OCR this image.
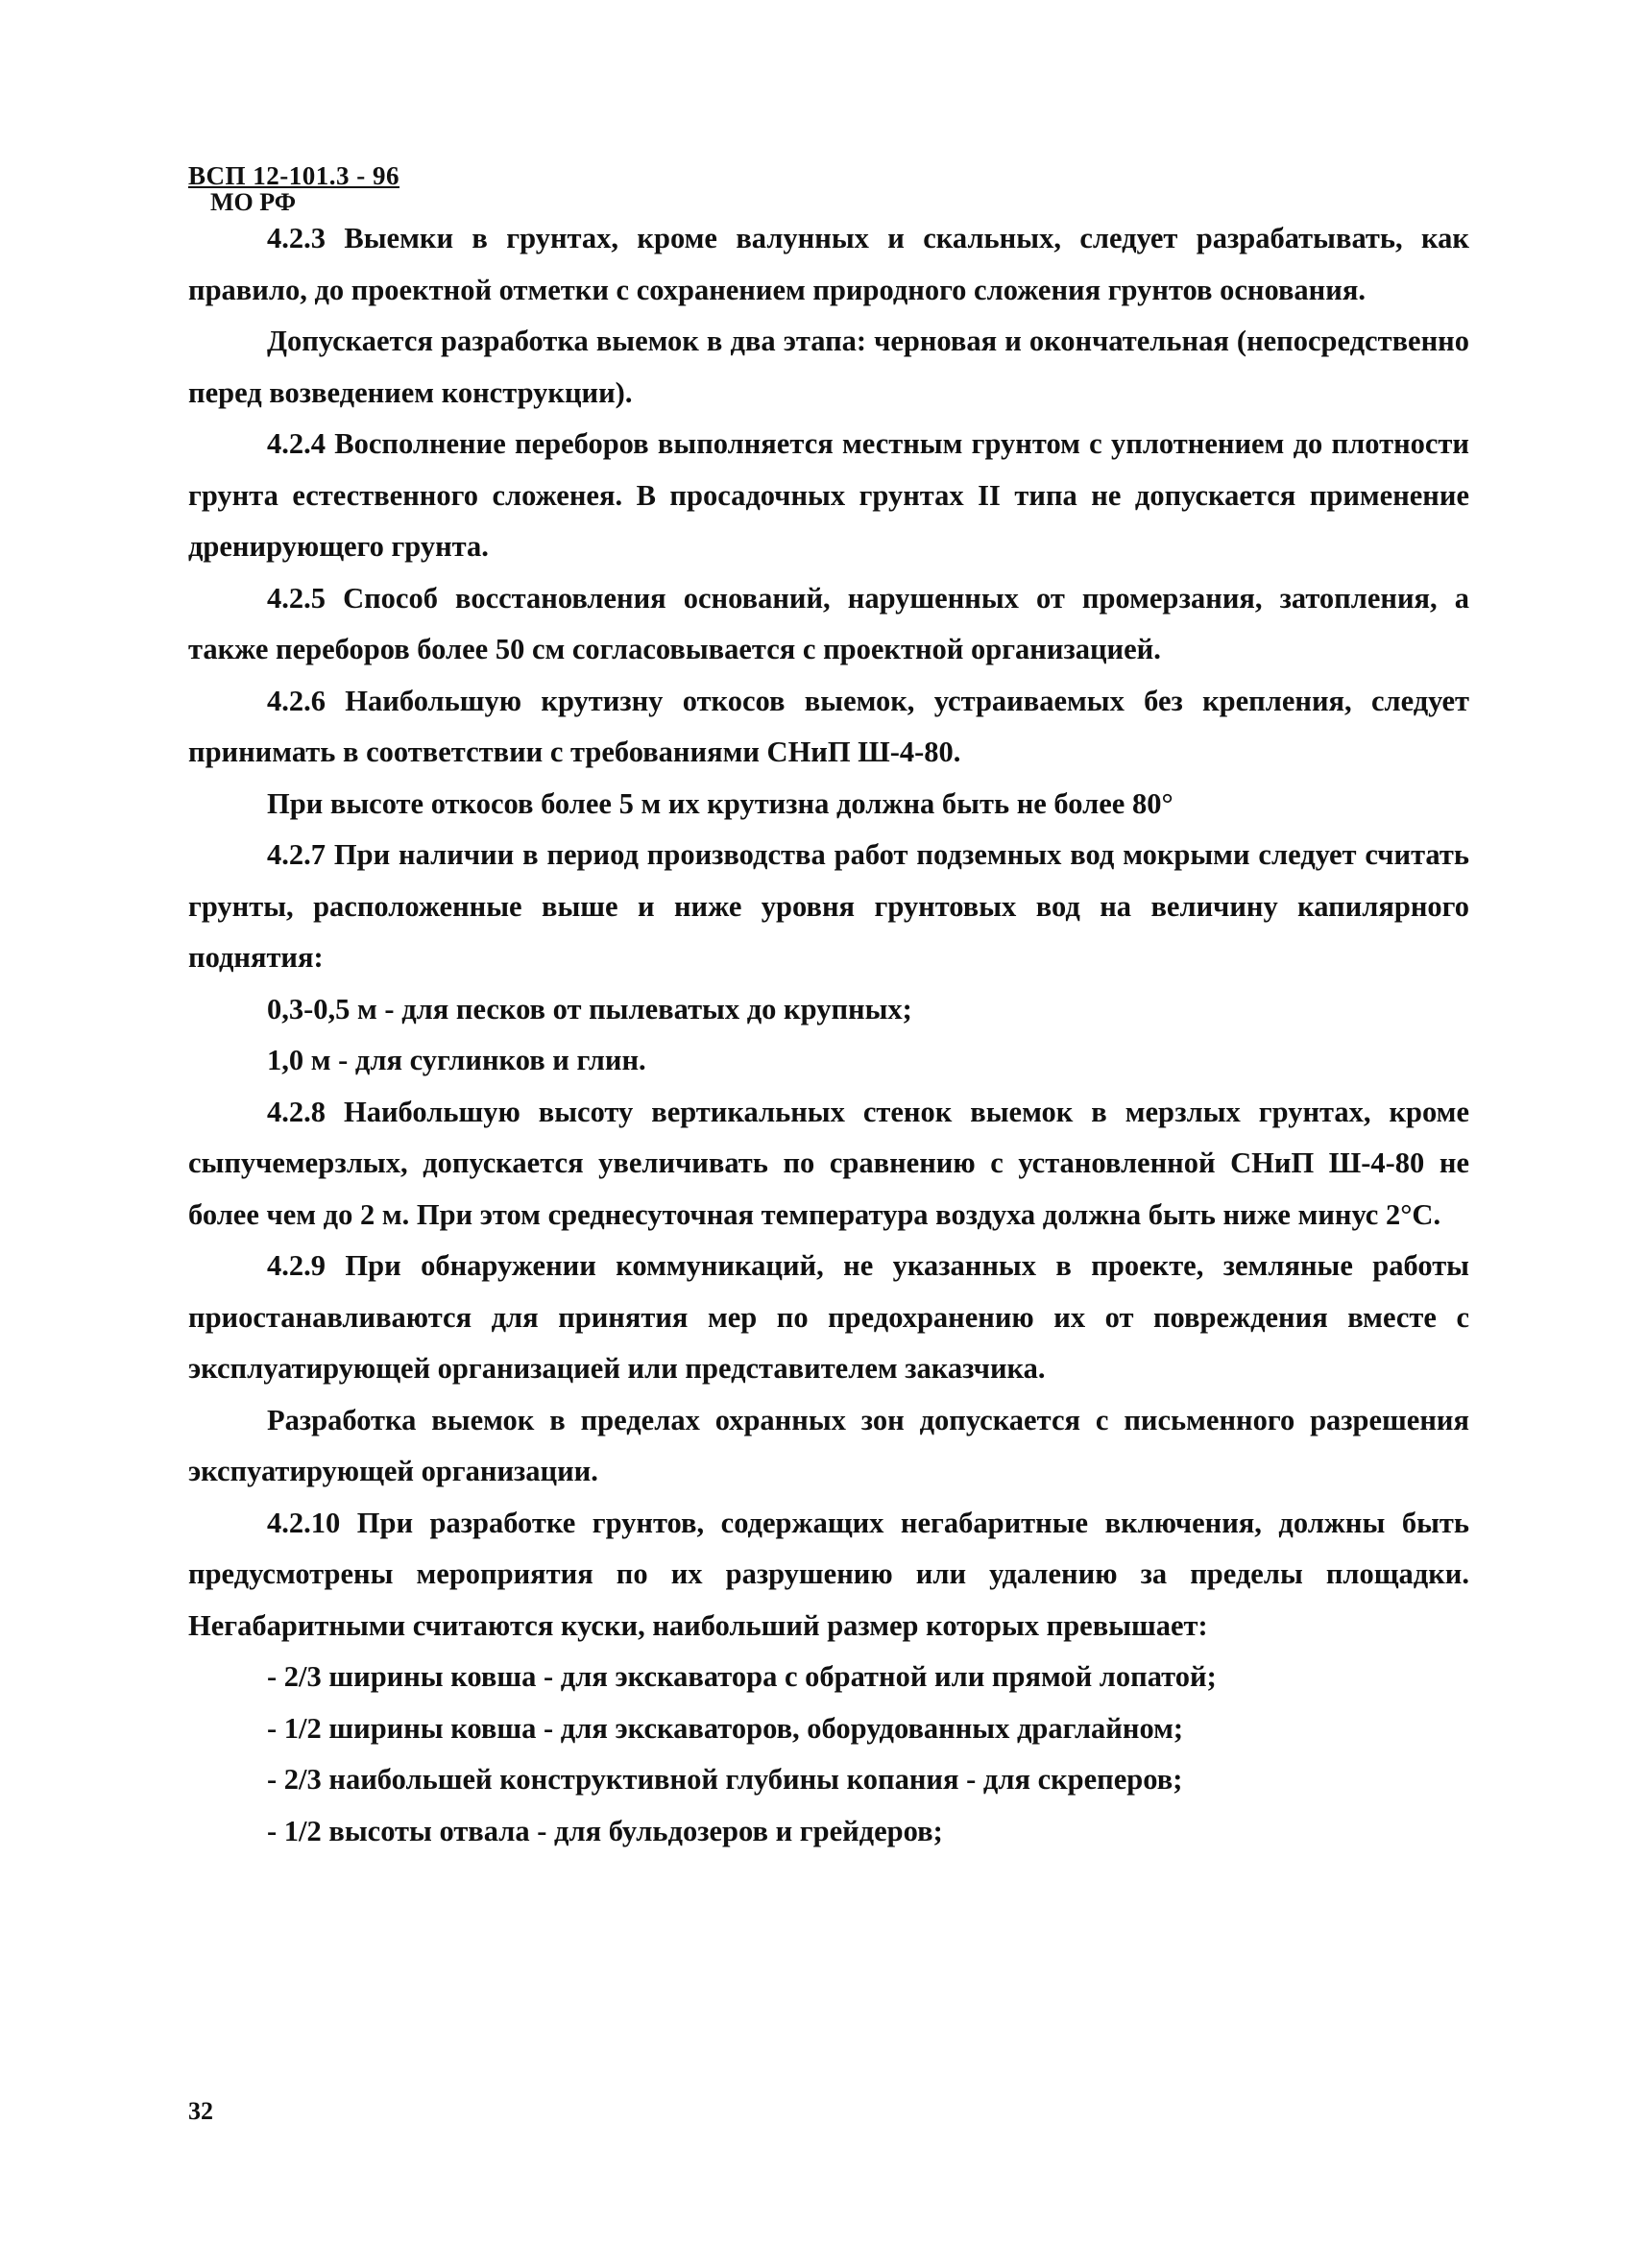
ВСП 12-101.3 - 96
МО РФ

4.2.3 Выемки в грунтах, кроме валунных и скальных, следует разрабатывать, как правило, до проектной отметки с сохранением природного сложения грунтов основания.

Допускается разработка выемок в два этапа: черновая и окончательная (непосредственно перед возведением конструкции).

4.2.4 Восполнение переборов выполняется местным грунтом с уплотнением до плотности грунта естественного сложенея. В просадочных грунтах II типа не допускается применение дренирующего грунта.

4.2.5 Способ восстановления оснований, нарушенных от промерзания, затопления, а также переборов более 50 см согласовывается с проектной организацией.

4.2.6 Наибольшую крутизну откосов выемок, устраиваемых без крепления, следует принимать в соответствии с требованиями СНиП Ш-4-80.

При высоте откосов более 5 м их крутизна должна быть не более 80°

4.2.7 При наличии в период производства работ подземных вод мокрыми следует считать грунты, расположенные выше и ниже уровня грунтовых вод на величину капилярного поднятия:

0,3-0,5 м - для песков от пылеватых до крупных;

1,0 м - для суглинков и глин.

4.2.8 Наибольшую высоту вертикальных стенок выемок в мерзлых грунтах, кроме сыпучемерзлых, допускается увеличивать по сравнению с установленной СНиП Ш-4-80 не более чем до 2 м. При этом среднесуточная температура воздуха должна быть ниже минус 2°С.

4.2.9 При обнаружении коммуникаций, не указанных в проекте, земляные работы приостанавливаются для принятия мер по предохранению их от повреждения вместе с эксплуатирующей организацией или представителем заказчика.

Разработка выемок в пределах охранных зон допускается с письменного разрешения экспуатирующей организации.

4.2.10 При разработке грунтов, содержащих негабаритные включения, должны быть предусмотрены мероприятия по их разрушению или удалению за пределы площадки. Негабаритными считаются куски, наибольший размер которых превышает:

- 2/3 ширины ковша - для экскаватора с обратной или прямой лопатой;

- 1/2 ширины ковша - для экскаваторов, оборудованных драглайном;

- 2/3 наибольшей конструктивной глубины копания - для скреперов;

- 1/2 высоты отвала - для бульдозеров и грейдеров;

32
